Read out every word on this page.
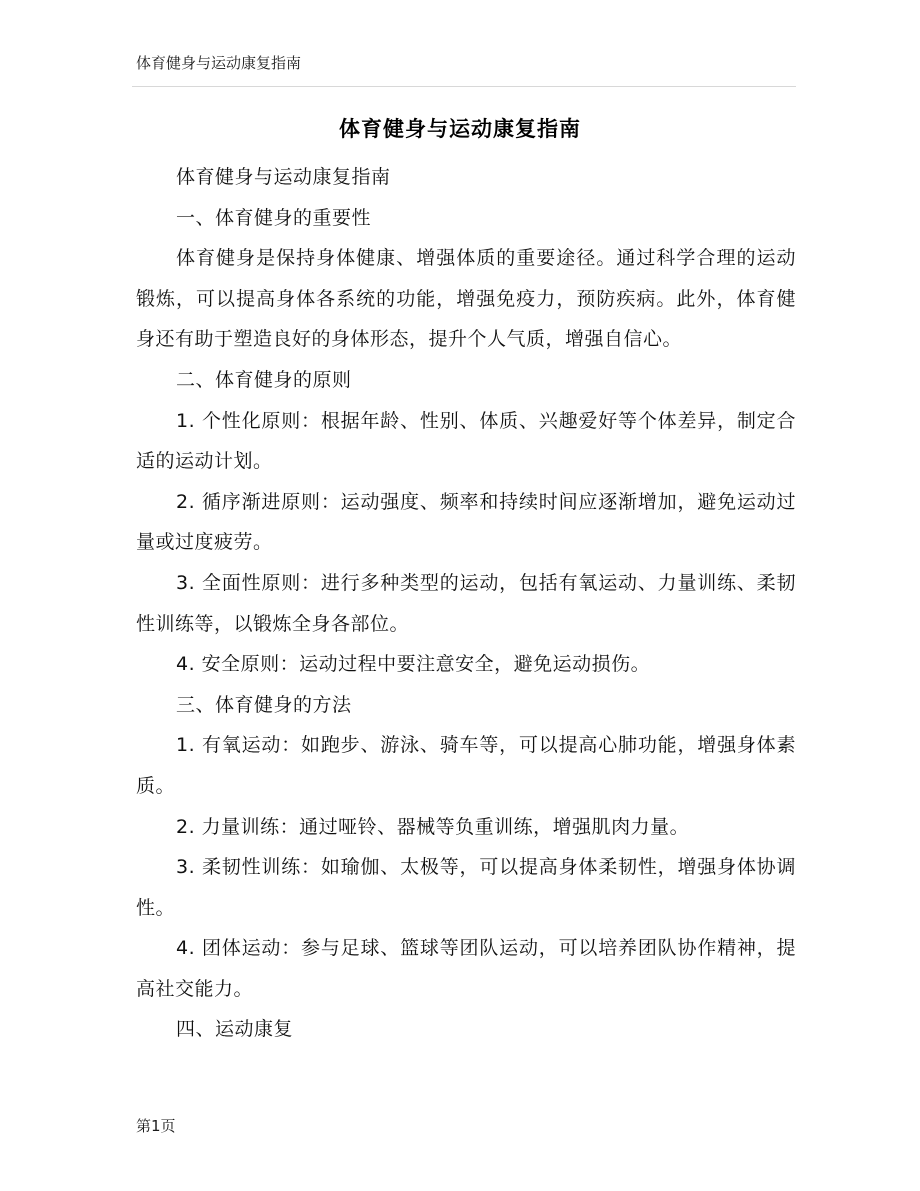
体育健身与运动康复指南
体育健身与运动康复指南

体育健身与运动康复指南

一、体育健身的重要性

体育健身是保持身体健康、增强体质的重要途径。通过科学合理的运动锻炼，可以提高身体各系统的功能，增强免疫力，预防疾病。此外，体育健身还有助于塑造良好的身体形态，提升个人气质，增强自信心。

二、体育健身的原则

1. 个性化原则：根据年龄、性别、体质、兴趣爱好等个体差异，制定合适的运动计划。

2. 循序渐进原则：运动强度、频率和持续时间应逐渐增加，避免运动过量或过度疲劳。

3. 全面性原则：进行多种类型的运动，包括有氧运动、力量训练、柔韧性训练等，以锻炼全身各部位。

4. 安全原则：运动过程中要注意安全，避免运动损伤。

三、体育健身的方法

1. 有氧运动：如跑步、游泳、骑车等，可以提高心肺功能，增强身体素质。

2. 力量训练：通过哑铃、器械等负重训练，增强肌肉力量。

3. 柔韧性训练：如瑜伽、太极等，可以提高身体柔韧性，增强身体协调性。

4. 团体运动：参与足球、篮球等团队运动，可以培养团队协作精神，提高社交能力。

四、运动康复

第1页
